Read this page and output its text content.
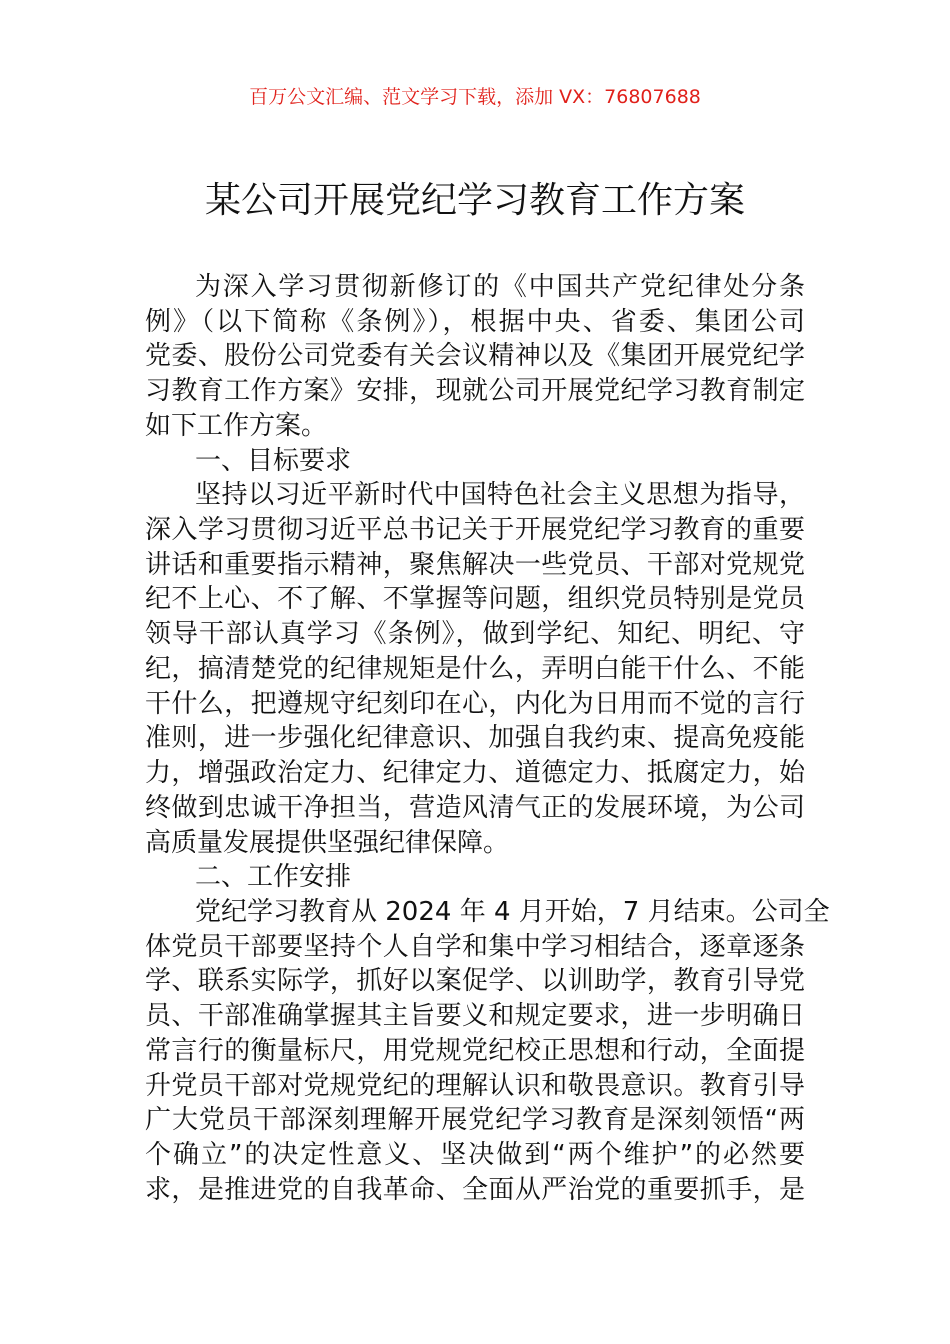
百万公文汇编、范文学习下载，添加 VX：76807688
某公司开展党纪学习教育工作方案
为深入学习贯彻新修订的《中国共产党纪律处分条
例》（以下简称《条例》），根据中央、省委、集团公司
党委、股份公司党委有关会议精神以及《集团开展党纪学
习教育工作方案》安排，现就公司开展党纪学习教育制定
如下工作方案。
一、目标要求
坚持以习近平新时代中国特色社会主义思想为指导，
深入学习贯彻习近平总书记关于开展党纪学习教育的重要
讲话和重要指示精神，聚焦解决一些党员、干部对党规党
纪不上心、不了解、不掌握等问题，组织党员特别是党员
领导干部认真学习《条例》，做到学纪、知纪、明纪、守
纪，搞清楚党的纪律规矩是什么，弄明白能干什么、不能
干什么，把遵规守纪刻印在心，内化为日用而不觉的言行
准则，进一步强化纪律意识、加强自我约束、提高免疫能
力，增强政治定力、纪律定力、道德定力、抵腐定力，始
终做到忠诚干净担当，营造风清气正的发展环境，为公司
高质量发展提供坚强纪律保障。
二、工作安排
党纪学习教育从 2024 年 4 月开始，7 月结束。公司全
体党员干部要坚持个人自学和集中学习相结合，逐章逐条
学、联系实际学，抓好以案促学、以训助学，教育引导党
员、干部准确掌握其主旨要义和规定要求，进一步明确日
常言行的衡量标尺，用党规党纪校正思想和行动，全面提
升党员干部对党规党纪的理解认识和敬畏意识。教育引导
广大党员干部深刻理解开展党纪学习教育是深刻领悟“两
个确立”的决定性意义、坚决做到“两个维护”的必然要
求，是推进党的自我革命、全面从严治党的重要抓手，是
